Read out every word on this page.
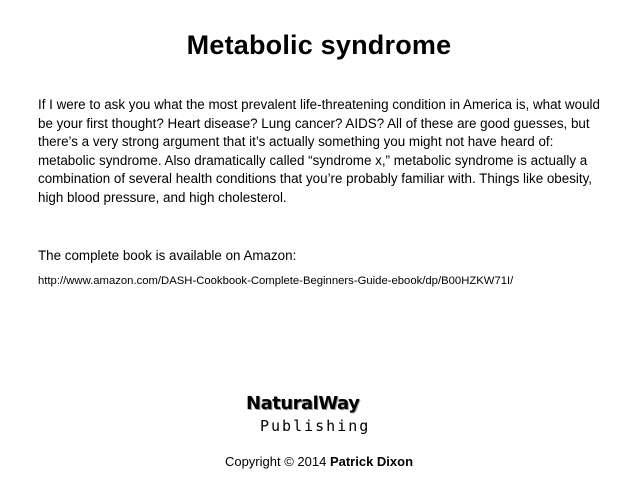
Metabolic syndrome

If I were to ask you what the most prevalent life-threatening condition in America is, what would be your first thought? Heart disease? Lung cancer? AIDS? All of these are good guesses, but there’s a very strong argument that it’s actually something you might not have heard of: metabolic syndrome. Also dramatically called “syndrome x,” metabolic syndrome is actually a combination of several health conditions that you’re probably familiar with. Things like obesity, high blood pressure, and high cholesterol.

The complete book is available on Amazon:

http://www.amazon.com/DASH-Cookbook-Complete-Beginners-Guide-ebook/dp/B00HZKW71I/
NaturalWay
Publishing

Copyright © 2014 Patrick Dixon
